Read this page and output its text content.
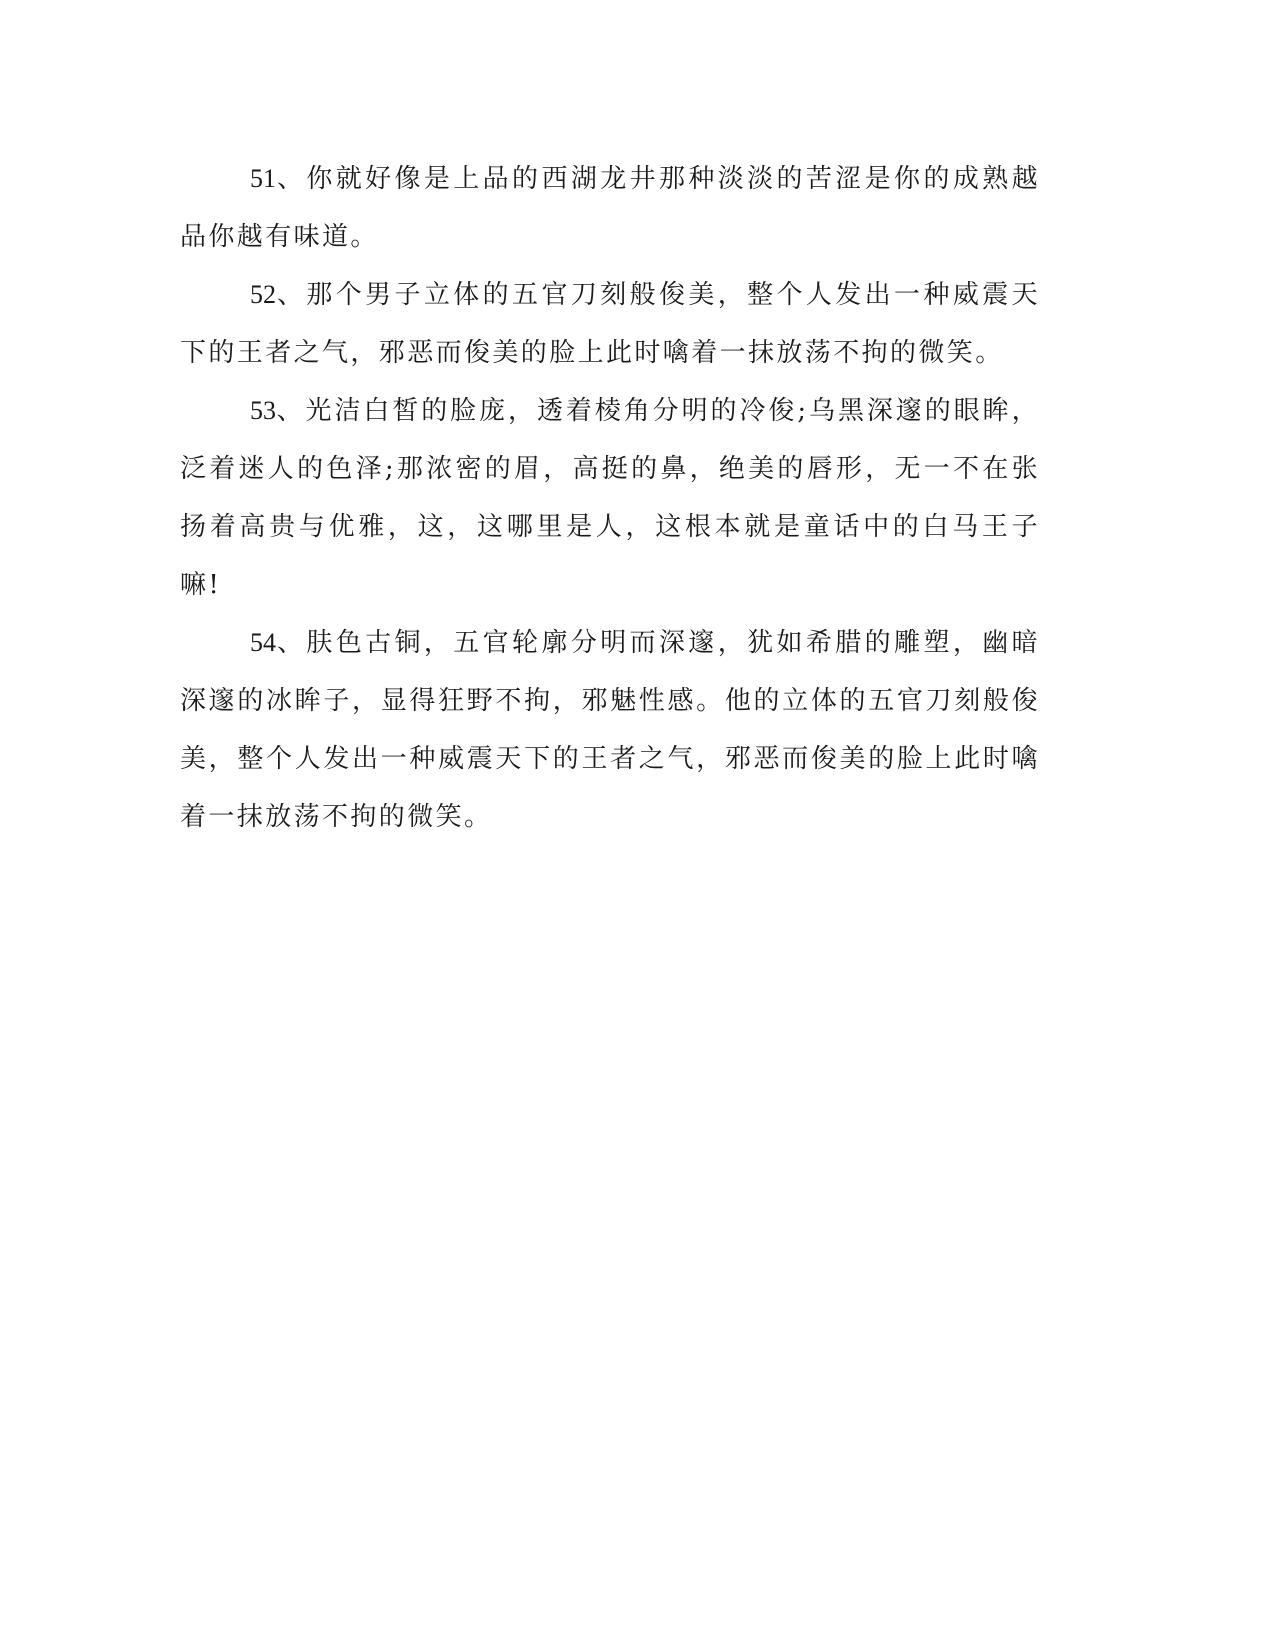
51、你就好像是上品的西湖龙井那种淡淡的苦涩是你的成熟越品你越有味道。

52、那个男子立体的五官刀刻般俊美，整个人发出一种威震天下的王者之气，邪恶而俊美的脸上此时噙着一抹放荡不拘的微笑。

53、光洁白皙的脸庞，透着棱角分明的冷俊;乌黑深邃的眼眸，泛着迷人的色泽;那浓密的眉，高挺的鼻，绝美的唇形，无一不在张扬着高贵与优雅，这，这哪里是人，这根本就是童话中的白马王子嘛!

54、肤色古铜，五官轮廓分明而深邃，犹如希腊的雕塑，幽暗深邃的冰眸子，显得狂野不拘，邪魅性感。他的立体的五官刀刻般俊美，整个人发出一种威震天下的王者之气，邪恶而俊美的脸上此时噙着一抹放荡不拘的微笑。
